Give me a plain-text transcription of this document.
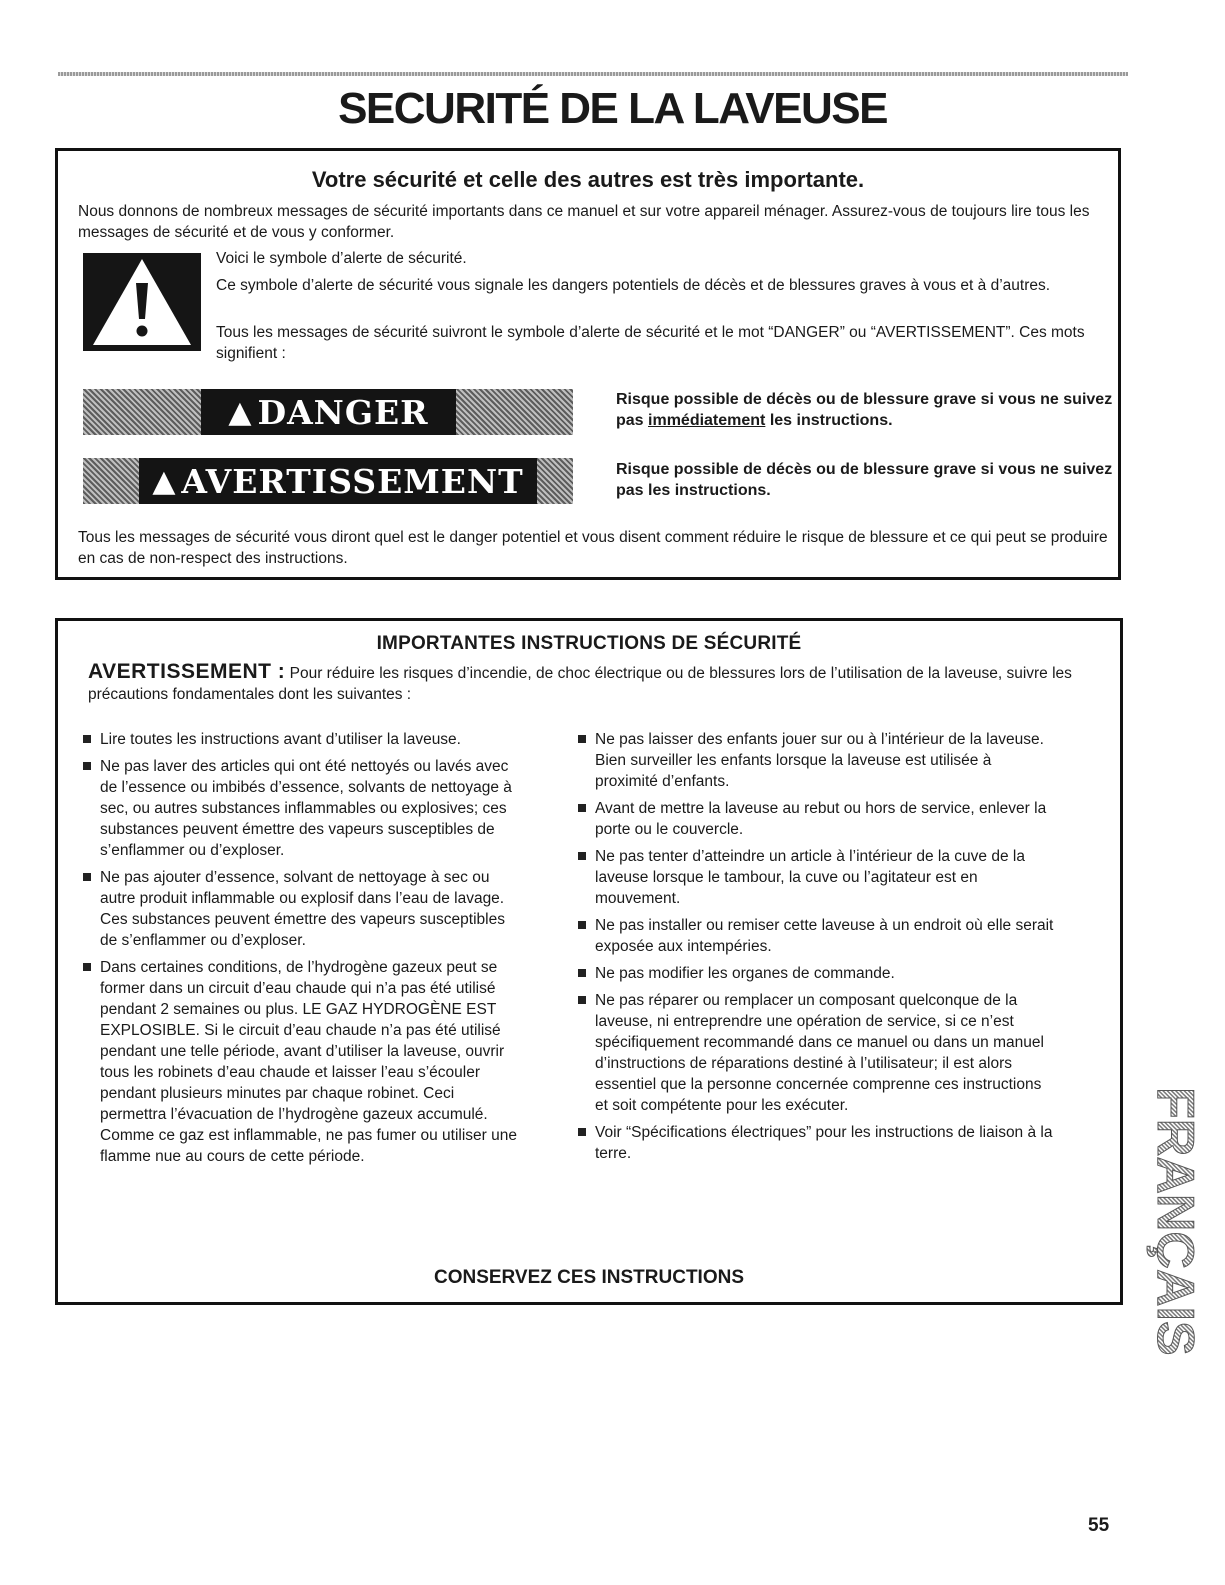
SECURITÉ DE LA LAVEUSE
Votre sécurité et celle des autres est très importante.

Nous donnons de nombreux messages de sécurité importants dans ce manuel et sur votre appareil ménager. Assurez-vous de toujours lire tous les messages de sécurité et de vous y conformer.

Voici le symbole d’alerte de sécurité.

Ce symbole d’alerte de sécurité vous signale les dangers potentiels de décès et de blessures graves à vous et à d’autres.

Tous les messages de sécurité suivront le symbole d’alerte de sécurité et le mot “DANGER” ou “AVERTISSEMENT”. Ces mots signifient :

▲ DANGER	Risque possible de décès ou de blessure grave si vous ne suivez pas immédiatement les instructions.

▲ AVERTISSEMENT	Risque possible de décès ou de blessure grave si vous ne suivez pas les instructions.

Tous les messages de sécurité vous diront quel est le danger potentiel et vous disent comment réduire le risque de blessure et ce qui peut se produire en cas de non-respect des instructions.

IMPORTANTES INSTRUCTIONS DE SÉCURITÉ

AVERTISSEMENT : Pour réduire les risques d’incendie, de choc électrique ou de blessures lors de l’utilisation de la laveuse, suivre les précautions fondamentales dont les suivantes :

Lire toutes les instructions avant d’utiliser la laveuse.
Ne pas laver des articles qui ont été nettoyés ou lavés avec de l’essence ou imbibés d’essence, solvants de nettoyage à sec, ou autres substances inflammables ou explosives; ces substances peuvent émettre des vapeurs susceptibles de s’enflammer ou d’exploser.
Ne pas ajouter d’essence, solvant de nettoyage à sec ou autre produit inflammable ou explosif dans l’eau de lavage. Ces substances peuvent émettre des vapeurs susceptibles de s’enflammer ou d’exploser.
Dans certaines conditions, de l’hydrogène gazeux peut se former dans un circuit d’eau chaude qui n’a pas été utilisé pendant 2 semaines ou plus. LE GAZ HYDROGÈNE EST EXPLOSIBLE. Si le circuit d’eau chaude n’a pas été utilisé pendant une telle période, avant d’utiliser la laveuse, ouvrir tous les robinets d’eau chaude et laisser l’eau s’écouler pendant plusieurs minutes par chaque robinet. Ceci permettra l’évacuation de l’hydrogène gazeux accumulé. Comme ce gaz est inflammable, ne pas fumer ou utiliser une flamme nue au cours de cette période.
Ne pas laisser des enfants jouer sur ou à l’intérieur de la laveuse. Bien surveiller les enfants lorsque la laveuse est utilisée à proximité d’enfants.
Avant de mettre la laveuse au rebut ou hors de service, enlever la porte ou le couvercle.
Ne pas tenter d’atteindre un article à l’intérieur de la cuve de la laveuse lorsque le tambour, la cuve ou l’agitateur est en mouvement.
Ne pas installer ou remiser cette laveuse à un endroit où elle serait exposée aux intempéries.
Ne pas modifier les organes de commande.
Ne pas réparer ou remplacer un composant quelconque de la laveuse, ni entreprendre une opération de service, si ce n’est spécifiquement recommandé dans ce manuel ou dans un manuel d’instructions de réparations destiné à l’utilisateur; il est alors essentiel que la personne concernée comprenne ces instructions et soit compétente pour les exécuter.
Voir “Spécifications électriques” pour les instructions de liaison à la terre.
CONSERVEZ CES INSTRUCTIONS	FRANÇAIS

55
